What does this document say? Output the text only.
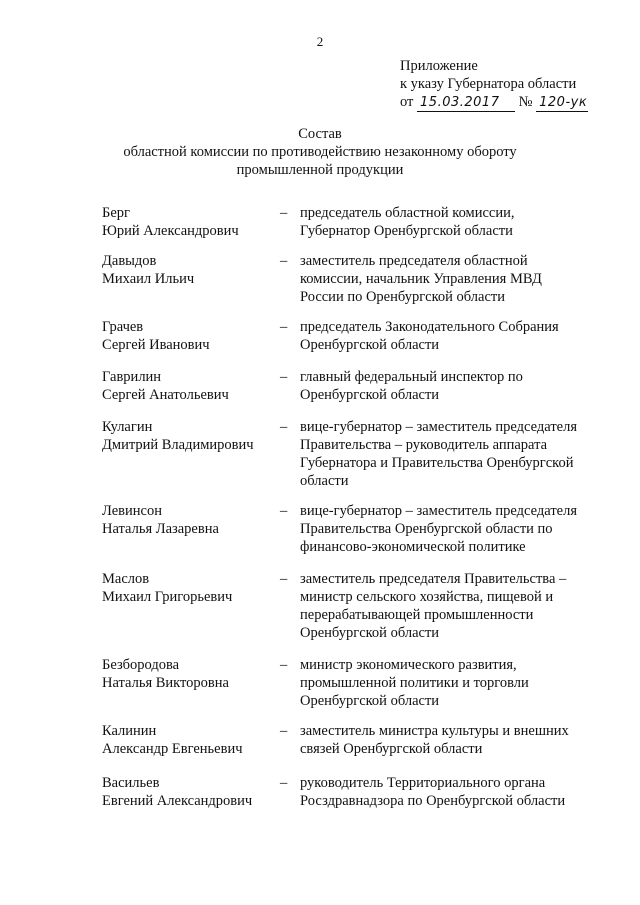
2
Приложение
к указу Губернатора области
от 15.03.2017 № 120-ук
Состав
областной комиссии по противодействию незаконному обороту
промышленной продукции
Берг
Юрий Александрович
– председатель областной комиссии,
Губернатор Оренбургской области
Давыдов
Михаил Ильич
– заместитель председателя областной
комиссии, начальник Управления МВД
России по Оренбургской области
Грачев
Сергей Иванович
– председатель Законодательного Собрания
Оренбургской области
Гаврилин
Сергей Анатольевич
– главный федеральный инспектор по
Оренбургской области
Кулагин
Дмитрий Владимирович
– вице-губернатор – заместитель председателя
Правительства – руководитель аппарата
Губернатора и Правительства Оренбургской
области
Левинсон
Наталья Лазаревна
– вице-губернатор – заместитель председателя
Правительства Оренбургской области по
финансово-экономической политике
Маслов
Михаил Григорьевич
– заместитель председателя Правительства –
министр сельского хозяйства, пищевой и
перерабатывающей промышленности
Оренбургской области
Безбородова
Наталья Викторовна
– министр экономического развития,
промышленной политики и торговли
Оренбургской области
Калинин
Александр Евгеньевич
– заместитель министра культуры и внешних
связей Оренбургской области
Васильев
Евгений Александрович
– руководитель Территориального органа
Росздравнадзора по Оренбургской области
